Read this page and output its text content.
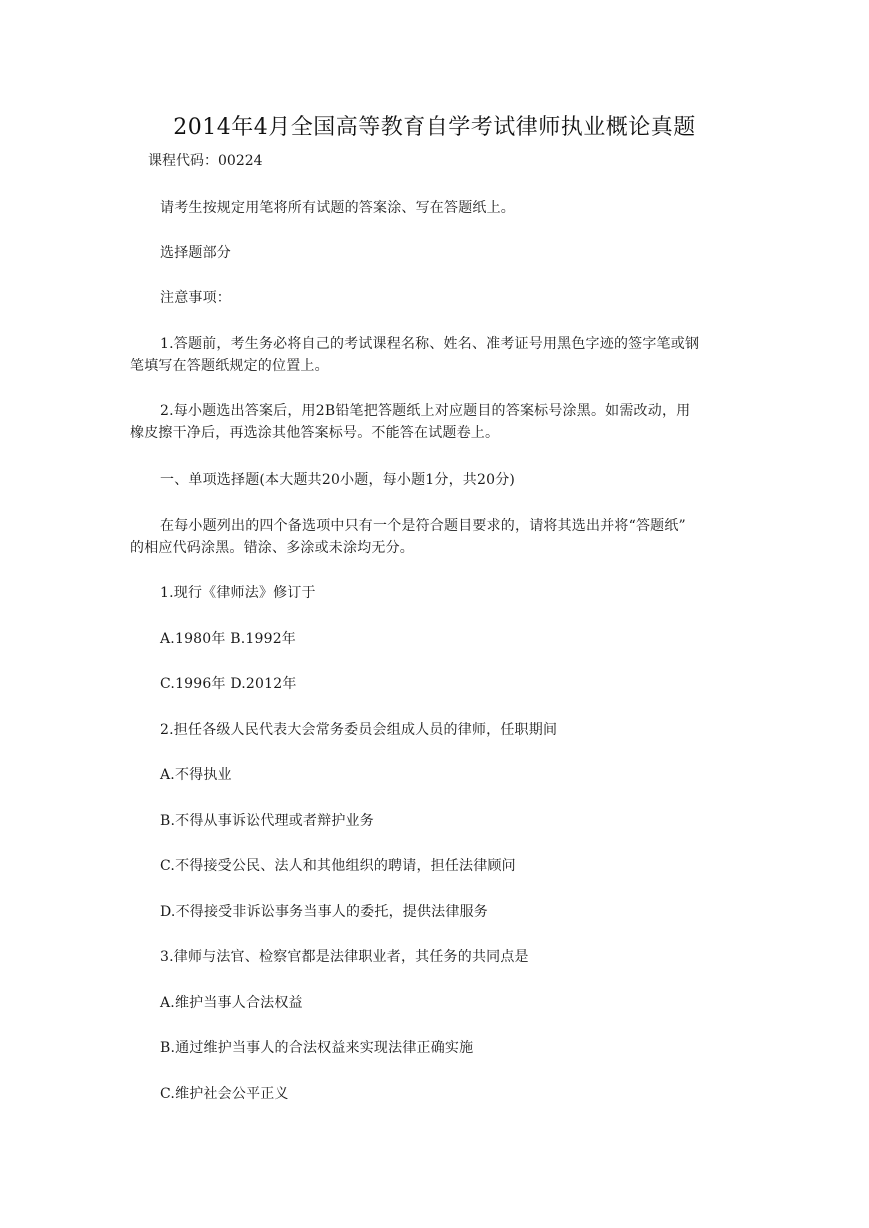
2014年4月全国高等教育自学考试律师执业概论真题
课程代码：00224
请考生按规定用笔将所有试题的答案涂、写在答题纸上。
选择题部分
注意事项：
1.答题前，考生务必将自己的考试课程名称、姓名、准考证号用黑色字迹的签字笔或钢
笔填写在答题纸规定的位置上。
2.每小题选出答案后，用2B铅笔把答题纸上对应题目的答案标号涂黑。如需改动，用
橡皮擦干净后，再选涂其他答案标号。不能答在试题卷上。
一、单项选择题(本大题共20小题，每小题1分，共20分)
在每小题列出的四个备选项中只有一个是符合题目要求的，请将其选出并将“答题纸”
的相应代码涂黑。错涂、多涂或未涂均无分。
1.现行《律师法》修订于
A.1980年 B.1992年
C.1996年 D.2012年
2.担任各级人民代表大会常务委员会组成人员的律师，任职期间
A.不得执业
B.不得从事诉讼代理或者辩护业务
C.不得接受公民、法人和其他组织的聘请，担任法律顾问
D.不得接受非诉讼事务当事人的委托，提供法律服务
3.律师与法官、检察官都是法律职业者，其任务的共同点是
A.维护当事人合法权益
B.通过维护当事人的合法权益来实现法律正确实施
C.维护社会公平正义
